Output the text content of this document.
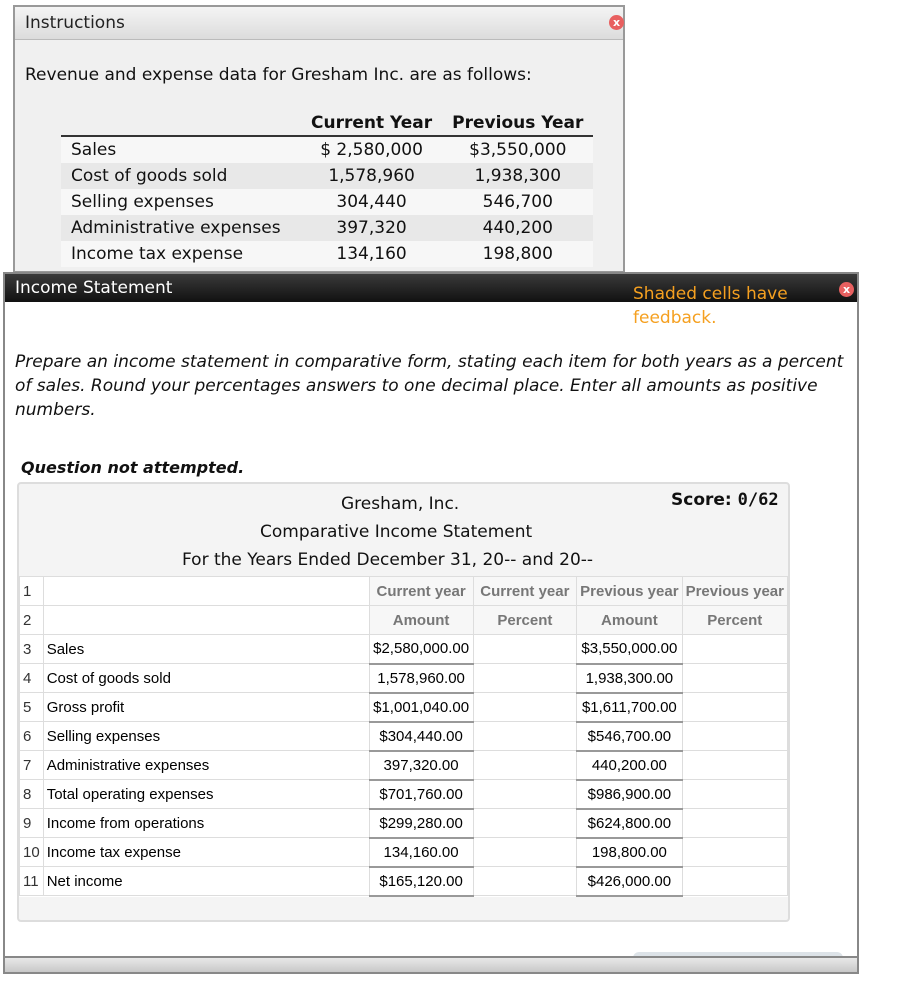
Instructions	x
Revenue and expense data for Gresham Inc. are as follows:
	Current Year	Previous Year
Sales	$ 2,580,000	$3,550,000
Cost of goods sold	1,578,960	1,938,300
Selling expenses	304,440	546,700
Administrative expenses	397,320	440,200
Income tax expense	134,160	198,800
Income Statement	Shaded cells have feedback.
x
Prepare an income statement in comparative form, stating each item for both years as a percent of sales. Round your percentages answers to one decimal place. Enter all amounts as positive numbers.
Question not attempted.
Gresham, Inc.
Comparative Income Statement
For the Years Ended December 31, 20-- and 20--
Score: 0/62
1		Current year	Current year	Previous year	Previous year
2		Amount	Percent	Amount	Percent
3	Sales	$2,580,000.00		$3,550,000.00	
4	Cost of goods sold	1,578,960.00		1,938,300.00	
5	Gross profit	$1,001,040.00		$1,611,700.00	
6	Selling expenses	$304,440.00		$546,700.00	
7	Administrative expenses	397,320.00		440,200.00	
8	Total operating expenses	$701,760.00		$986,900.00	
9	Income from operations	$299,280.00		$624,800.00	
10	Income tax expense	134,160.00		198,800.00	
11	Net income	$165,120.00		$426,000.00	
